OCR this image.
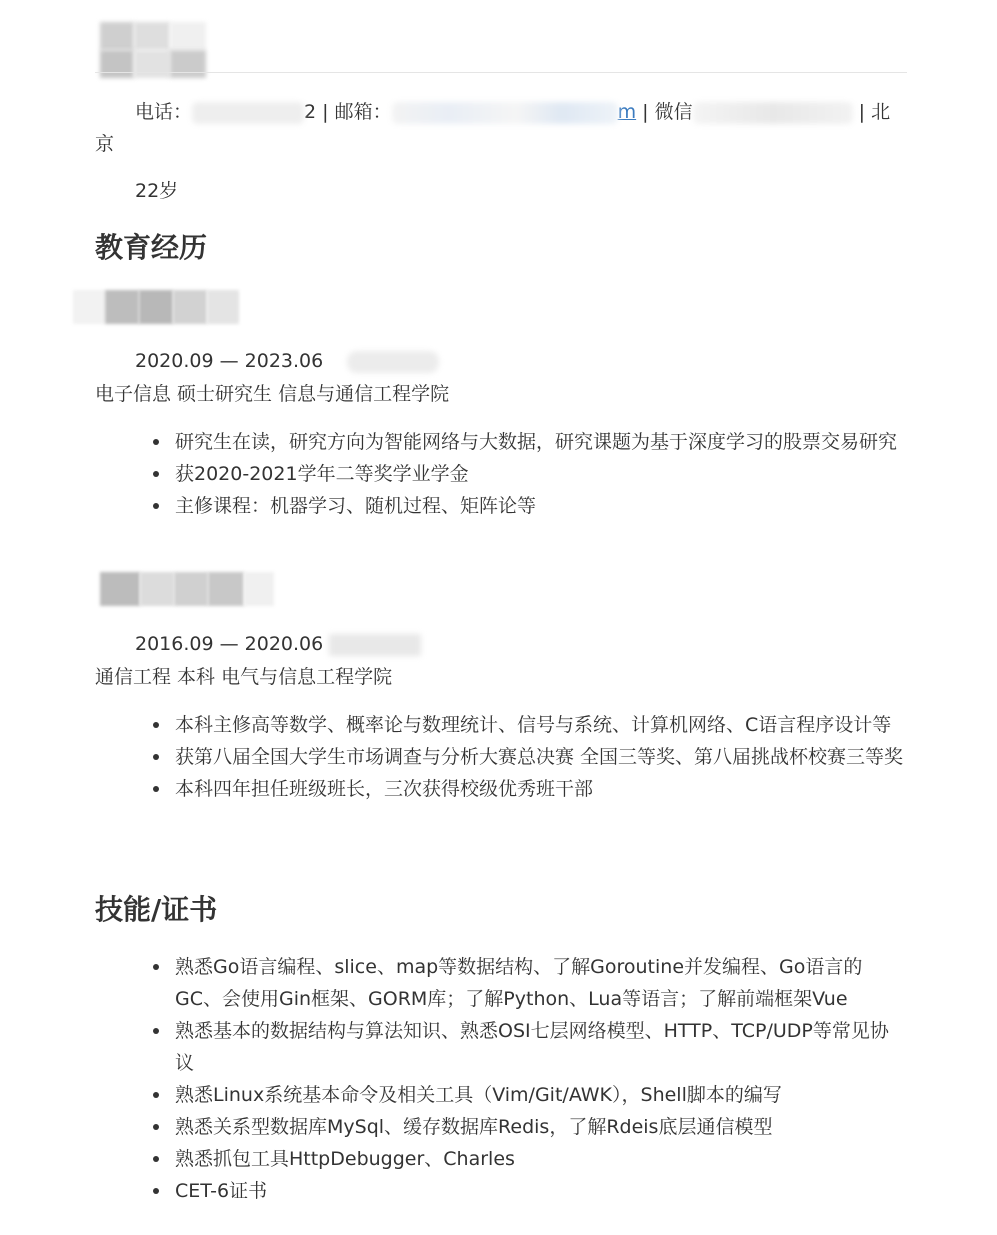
电话：	2 | 邮箱：	m | 微信	| 北京
22岁
教育经历
2020.09 — 2023.06
电子信息 硕士研究生 信息与通信工程学院
研究生在读，研究方向为智能网络与大数据，研究课题为基于深度学习的股票交易研究
获2020-2021学年二等奖学业学金
主修课程：机器学习、随机过程、矩阵论等
2016.09 — 2020.06
通信工程 本科 电气与信息工程学院
本科主修高等数学、概率论与数理统计、信号与系统、计算机网络、C语言程序设计等
获第八届全国大学生市场调查与分析大赛总决赛 全国三等奖、第八届挑战杯校赛三等奖
本科四年担任班级班长，三次获得校级优秀班干部
技能/证书
熟悉Go语言编程、slice、map等数据结构、了解Goroutine并发编程、Go语言的GC、会使用Gin框架、GORM库；了解Python、Lua等语言；了解前端框架Vue
熟悉基本的数据结构与算法知识、熟悉OSI七层网络模型、HTTP、TCP/UDP等常见协议
熟悉Linux系统基本命令及相关工具（Vim/Git/AWK），Shell脚本的编写
熟悉关系型数据库MySql、缓存数据库Redis，了解Rdeis底层通信模型
熟悉抓包工具HttpDebugger、Charles
CET-6证书
